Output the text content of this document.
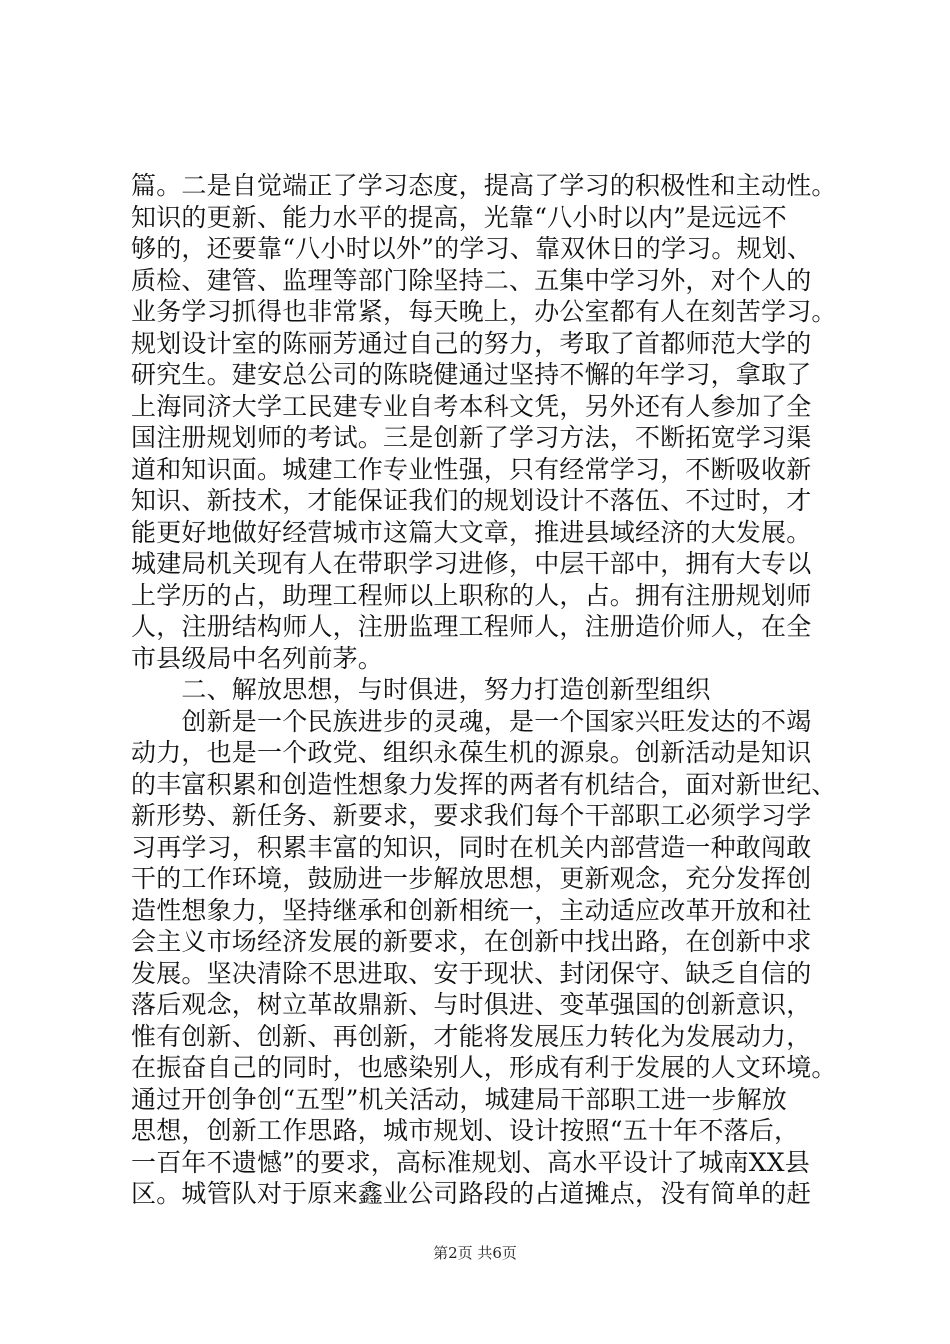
篇。二是自觉端正了学习态度，提高了学习的积极性和主动性。
知识的更新、能力水平的提高，光靠“八小时以内”是远远不
够的，还要靠“八小时以外”的学习、靠双休日的学习。规划、
质检、建管、监理等部门除坚持二、五集中学习外，对个人的
业务学习抓得也非常紧，每天晚上，办公室都有人在刻苦学习。
规划设计室的陈丽芳通过自己的努力，考取了首都师范大学的
研究生。建安总公司的陈晓健通过坚持不懈的年学习，拿取了
上海同济大学工民建专业自考本科文凭，另外还有人参加了全
国注册规划师的考试。三是创新了学习方法，不断拓宽学习渠
道和知识面。城建工作专业性强，只有经常学习，不断吸收新
知识、新技术，才能保证我们的规划设计不落伍、不过时，才
能更好地做好经营城市这篇大文章，推进县域经济的大发展。
城建局机关现有人在带职学习进修，中层干部中，拥有大专以
上学历的占，助理工程师以上职称的人，占。拥有注册规划师
人，注册结构师人，注册监理工程师人，注册造价师人，在全
市县级局中名列前茅。
　　二、解放思想，与时俱进，努力打造创新型组织
　　创新是一个民族进步的灵魂，是一个国家兴旺发达的不竭
动力，也是一个政党、组织永葆生机的源泉。创新活动是知识
的丰富积累和创造性想象力发挥的两者有机结合，面对新世纪、
新形势、新任务、新要求，要求我们每个干部职工必须学习学
习再学习，积累丰富的知识，同时在机关内部营造一种敢闯敢
干的工作环境，鼓励进一步解放思想，更新观念，充分发挥创
造性想象力，坚持继承和创新相统一，主动适应改革开放和社
会主义市场经济发展的新要求，在创新中找出路，在创新中求
发展。坚决清除不思进取、安于现状、封闭保守、缺乏自信的
落后观念，树立革故鼎新、与时俱进、变革强国的创新意识，
惟有创新、创新、再创新，才能将发展压力转化为发展动力，
在振奋自己的同时，也感染别人，形成有利于发展的人文环境。
通过开创争创“五型”机关活动，城建局干部职工进一步解放
思想，创新工作思路，城市规划、设计按照“五十年不落后，
一百年不遗憾”的要求，高标准规划、高水平设计了城南XX县
区。城管队对于原来鑫业公司路段的占道摊点，没有简单的赶
第2页 共6页
